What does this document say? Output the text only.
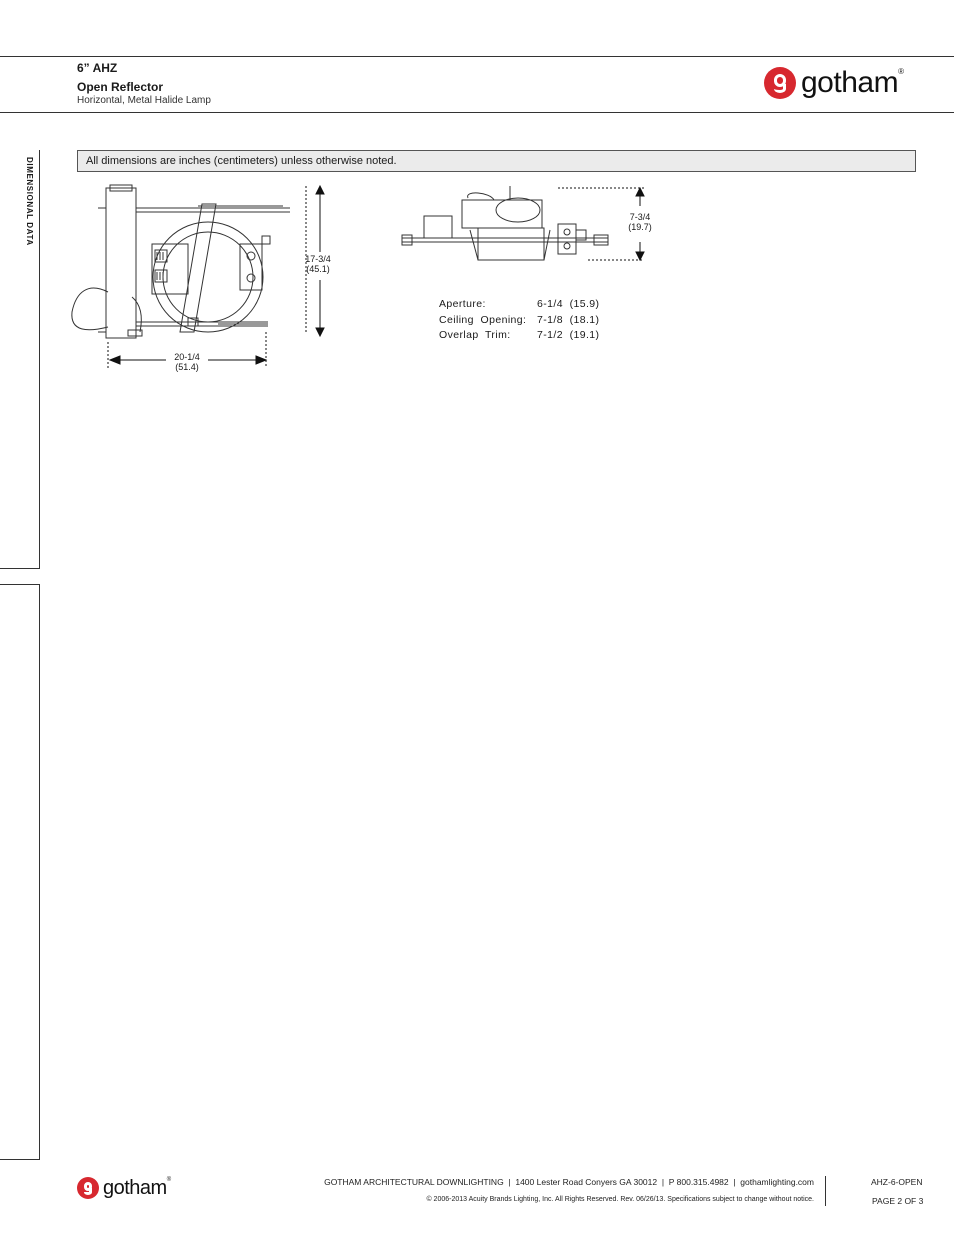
6” AHZ
Open Reflector
Horizontal, Metal Halide Lamp
gotham ®
All dimensions are inches (centimeters) unless otherwise noted.
DIMENSIONAL DATA
17-3/4
(45.1)
20-1/4
(51.4)
7-3/4
(19.7)
Aperture:	6-1/4  (15.9)
Ceiling  Opening:	7-1/8  (18.1)
Overlap  Trim:	7-1/2  (19.1)
gotham ®	GOTHAM ARCHITECTURAL DOWNLIGHTING  |  1400 Lester Road Conyers GA 30012  |  P 800.315.4982  |  gothamlighting.com
© 2006-2013 Acuity Brands Lighting, Inc. All Rights Reserved. Rev. 06/26/13. Specifications subject to change without notice.
AHZ-6-OPEN
PAGE 2 OF 3
